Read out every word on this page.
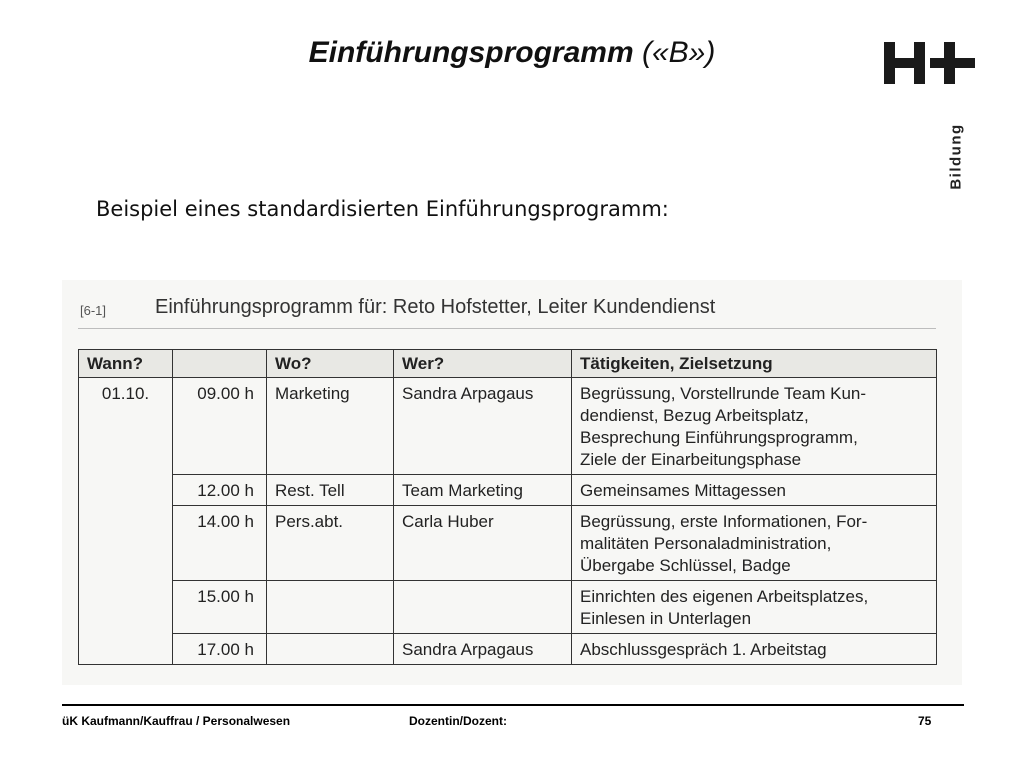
Einführungsprogramm («B»)
Bildung
Beispiel eines standardisierten Einführungsprogramm:
[6-1] Einführungsprogramm für: Reto Hofstetter, Leiter Kundendienst
Wann?		Wo?	Wer?	Tätigkeiten, Zielsetzung
01.10.	09.00 h	Marketing	Sandra Arpagaus	Begrüssung, Vorstellrunde Team Kun-
dendienst, Bezug Arbeitsplatz,
Besprechung Einführungsprogramm,
Ziele der Einarbeitungsphase

	12.00 h	Rest. Tell	Team Marketing	Gemeinsames Mittagessen

	14.00 h	Pers.abt.	Carla Huber	Begrüssung, erste Informationen, For-
malitäten Personaladministration,
Übergabe Schlüssel, Badge

	15.00 h			Einrichten des eigenen Arbeitsplatzes,
Einlesen in Unterlagen

	17.00 h		Sandra Arpagaus	Abschlussgespräch 1. Arbeitstag
üK Kaufmann/Kauffrau / Personalwesen	Dozentin/Dozent:	75
